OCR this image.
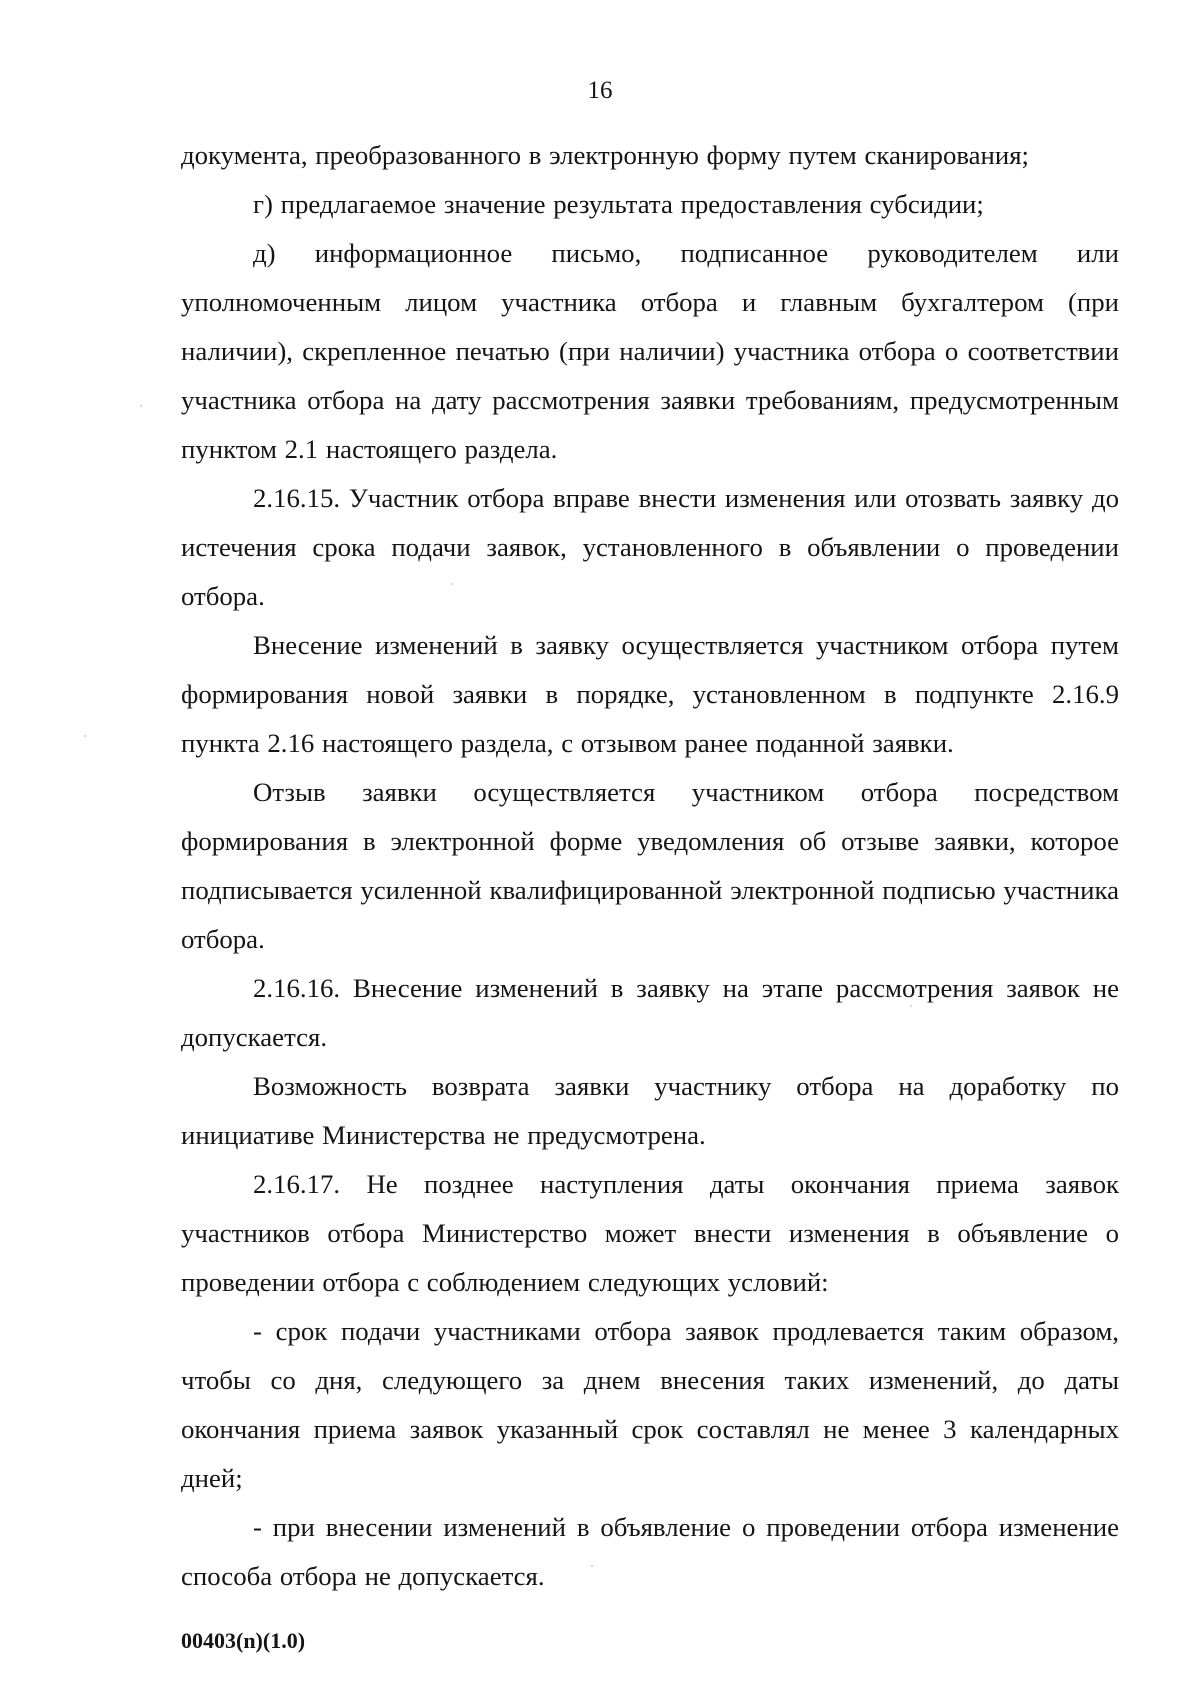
16

документа, преобразованного в электронную форму путем сканирования;

г) предлагаемое значение результата предоставления субсидии;

д) информационное письмо, подписанное руководителем или уполномоченным лицом участника отбора и главным бухгалтером (при наличии), скрепленное печатью (при наличии) участника отбора о соответствии участника отбора на дату рассмотрения заявки требованиям, предусмотренным пунктом 2.1 настоящего раздела.

2.16.15. Участник отбора вправе внести изменения или отозвать заявку до истечения срока подачи заявок, установленного в объявлении о проведении отбора.

Внесение изменений в заявку осуществляется участником отбора путем формирования новой заявки в порядке, установленном в подпункте 2.16.9 пункта 2.16 настоящего раздела, с отзывом ранее поданной заявки.

Отзыв заявки осуществляется участником отбора посредством формирования в электронной форме уведомления об отзыве заявки, которое подписывается усиленной квалифицированной электронной подписью участника отбора.

2.16.16. Внесение изменений в заявку на этапе рассмотрения заявок не допускается.

Возможность возврата заявки участнику отбора на доработку по инициативе Министерства не предусмотрена.

2.16.17. Не позднее наступления даты окончания приема заявок участников отбора Министерство может внести изменения в объявление о проведении отбора с соблюдением следующих условий:

- срок подачи участниками отбора заявок продлевается таким образом, чтобы со дня, следующего за днем внесения таких изменений, до даты окончания приема заявок указанный срок составлял не менее 3 календарных дней;

- при внесении изменений в объявление о проведении отбора изменение способа отбора не допускается.

00403(n)(1.0)
